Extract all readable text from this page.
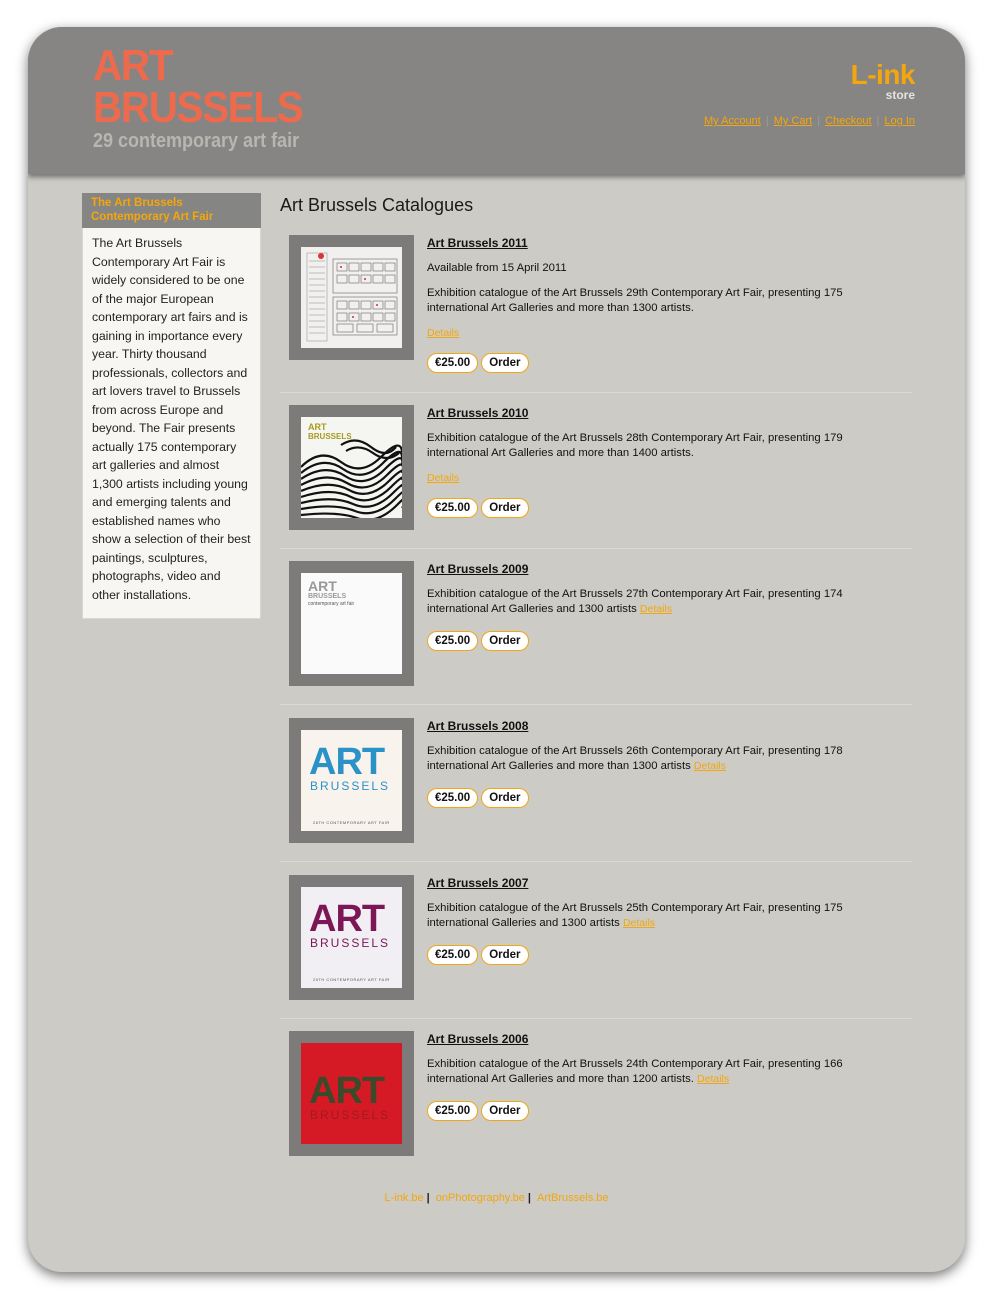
ART
BRUSSELS
29 contemporary art fair
L-ink
store
My Account | My Cart | Checkout | Log In
The Art Brussels Contemporary Art Fair
The Art Brussels Contemporary Art Fair is widely considered to be one of the major European contemporary art fairs and is gaining in importance every year. Thirty thousand professionals, collectors and art lovers travel to Brussels from across Europe and beyond. The Fair presents actually 175 contemporary art galleries and almost 1,300 artists including young and emerging talents and established names who show a selection of their best paintings, sculptures, photographs, video and other installations.
Art Brussels Catalogues
Art Brussels 2011

Available from 15 April 2011

Exhibition catalogue of the Art Brussels 29th Contemporary Art Fair, presenting 175 international Art Galleries and more than 1300 artists.

Details

€25.00 Order
ART
BRUSSELS
Art Brussels 2010

Exhibition catalogue of the Art Brussels 28th Contemporary Art Fair, presenting 179 international Art Galleries and more than 1400 artists.

Details

€25.00 Order
ART
BRUSSELS
contemporary art fair
Art Brussels 2009

Exhibition catalogue of the Art Brussels 27th Contemporary Art Fair, presenting 174 international Art Galleries and 1300 artists Details

€25.00 Order
ART
BRUSSELS
26TH CONTEMPORARY ART FAIR
Art Brussels 2008

Exhibition catalogue of the Art Brussels 26th Contemporary Art Fair, presenting 178 international Art Galleries and more than 1300 artists Details

€25.00 Order
ART
BRUSSELS
25TH CONTEMPORARY ART FAIR
Art Brussels 2007

Exhibition catalogue of the Art Brussels 25th Contemporary Art Fair, presenting 175 international Galleries and 1300 artists Details

€25.00 Order
ART
BRUSSELS
Art Brussels 2006

Exhibition catalogue of the Art Brussels 24th Contemporary Art Fair, presenting 166 international Art Galleries and more than 1200 artists. Details

€25.00 Order
L-ink.be | onPhotography.be | ArtBrussels.be
